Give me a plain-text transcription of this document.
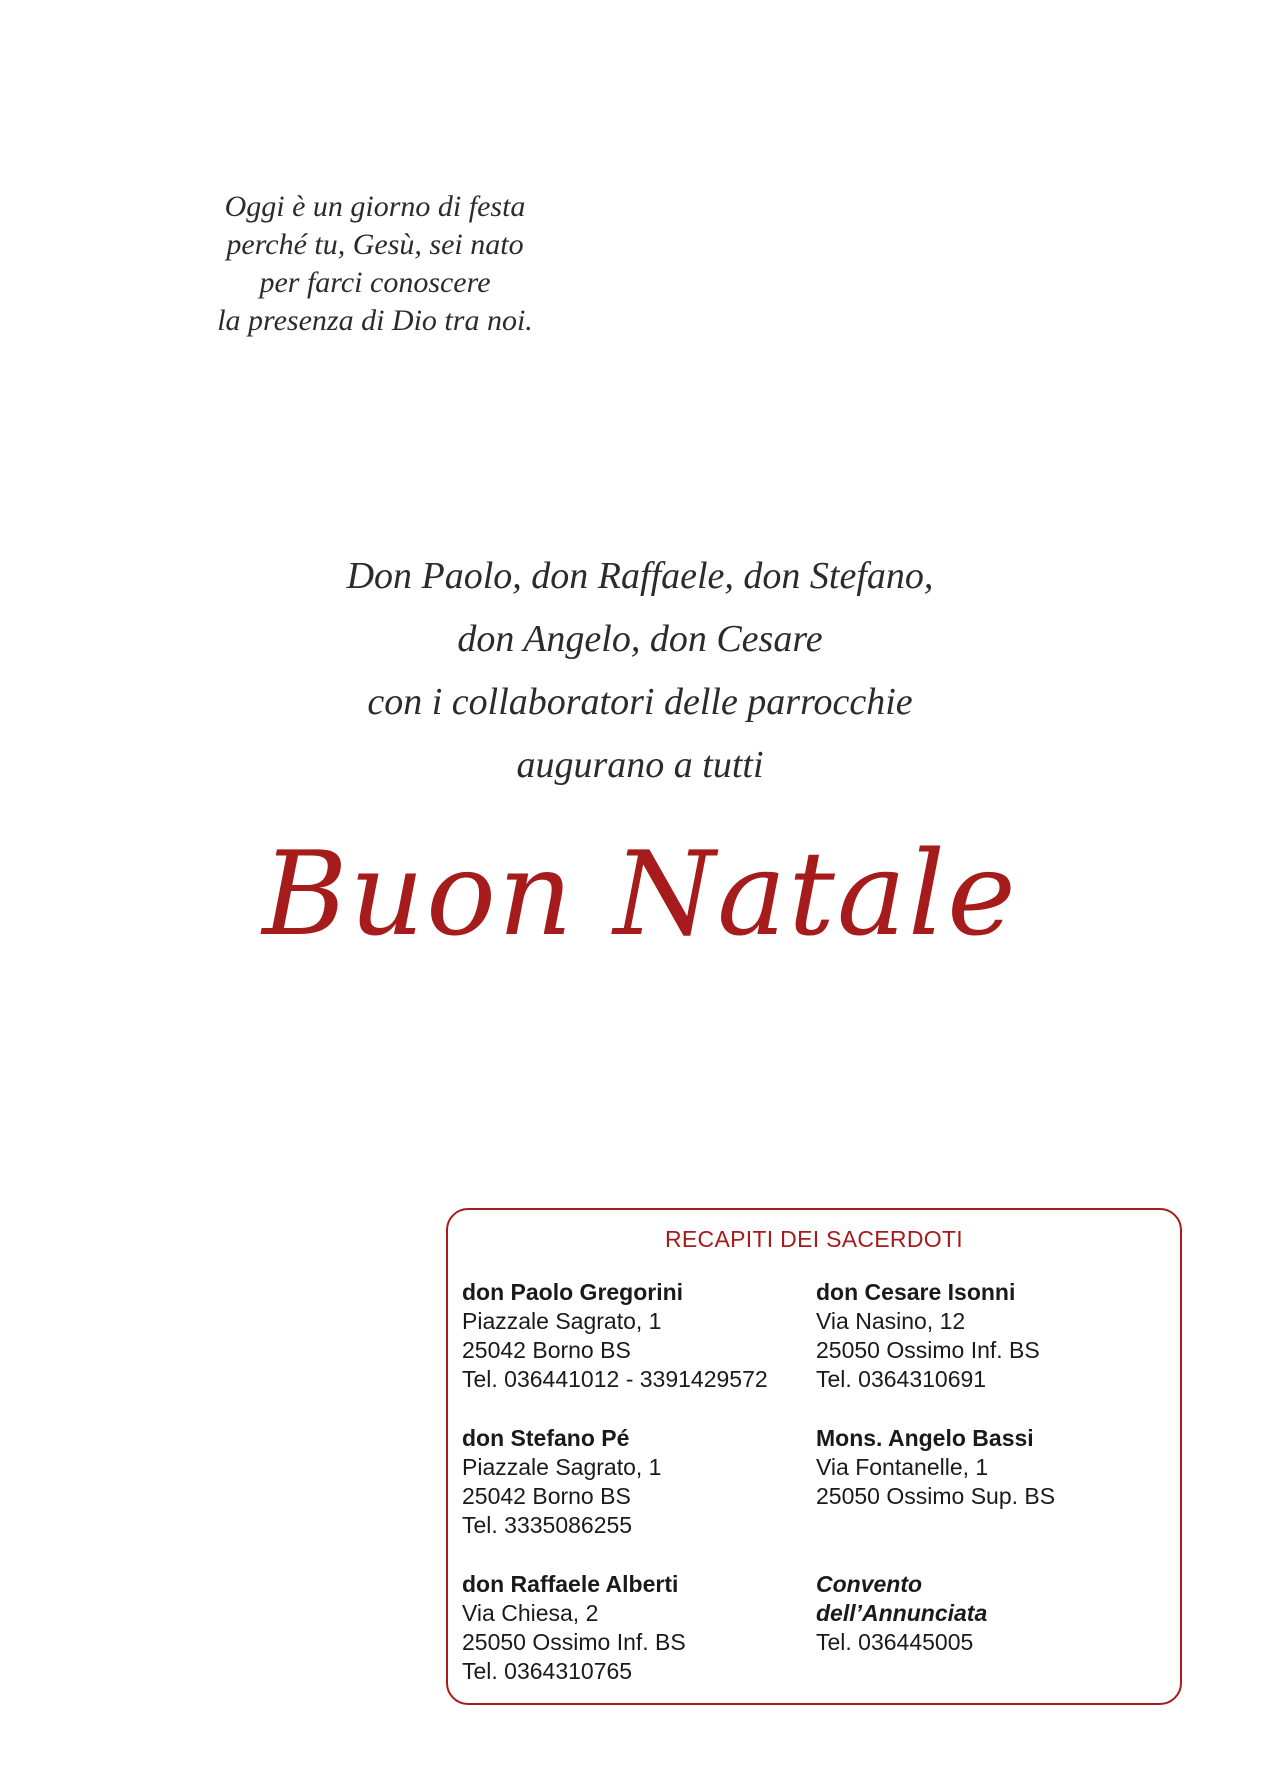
Oggi è un giorno di festa
perché tu, Gesù, sei nato
per farci conoscere
la presenza di Dio tra noi.
Don Paolo, don Raffaele, don Stefano,
don Angelo, don Cesare
con i collaboratori delle parrocchie
augurano a tutti
Buon Natale
RECAPITI DEI SACERDOTI
don Paolo Gregorini
Piazzale Sagrato, 1
25042 Borno BS
Tel. 036441012 - 3391429572
don Stefano Pé
Piazzale Sagrato, 1
25042 Borno BS
Tel. 3335086255
don Raffaele Alberti
Via Chiesa, 2
25050 Ossimo Inf. BS
Tel. 0364310765
don Cesare Isonni
Via Nasino, 12
25050 Ossimo Inf. BS
Tel. 0364310691
Mons. Angelo Bassi
Via Fontanelle, 1
25050 Ossimo Sup. BS
Convento
dell’Annunciata
Tel. 036445005
